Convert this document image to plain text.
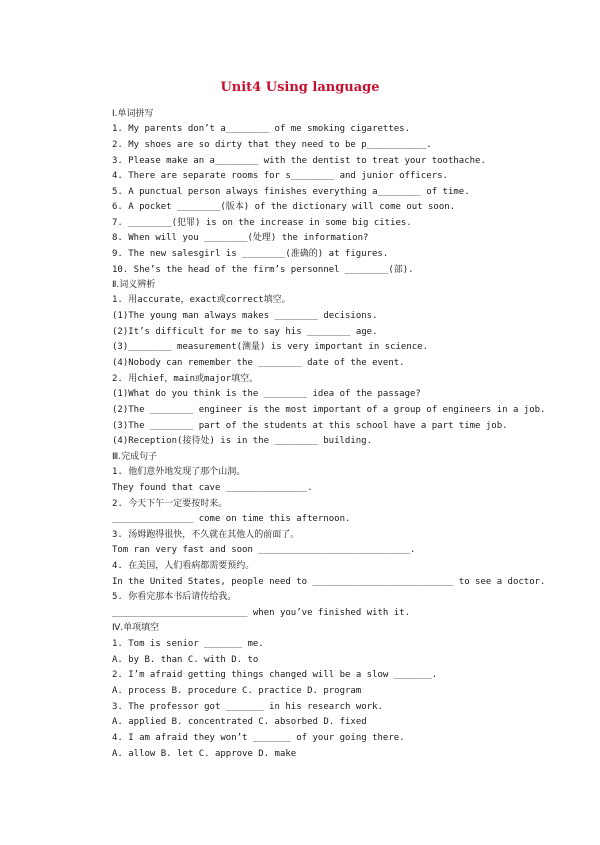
Unit4 Using language
Ⅰ.单词拼写
1. My parents don’t a________ of me smoking cigarettes.
2. My shoes are so dirty that they need to be p___________.
3. Please make an a________ with the dentist to treat your toothache.
4. There are separate rooms for s________ and junior officers.
5. A punctual person always finishes everything a________ of time.
6. A pocket ________(版本) of the dictionary will come out soon.
7. ________(犯罪) is on the increase in some big cities.
8. When will you ________(处理) the information?
9. The new salesgirl is ________(准确的) at figures.
10. She’s the head of the firm’s personnel ________(部).
Ⅱ.词义辨析
1. 用accurate，exact或correct填空。
(1)The young man always makes ________ decisions.
(2)It’s difficult for me to say his ________ age.
(3)________ measurement(测量) is very important in science.
(4)Nobody can remember the ________ date of the event.
2. 用chief，main或major填空。
(1)What do you think is the ________ idea of the passage?
(2)The ________ engineer is the most important of a group of engineers in a job.
(3)The ________ part of the students at this school have a part time job.
(4)Reception(接待处) is in the ________ building.
Ⅲ.完成句子
1. 他们意外地发现了那个山洞。
They found that cave _______________.
2. 今天下午一定要按时来。
_______________ come on time this afternoon.
3. 汤姆跑得很快，不久就在其他人的前面了。
Tom ran very fast and soon ____________________________.
4. 在美国，人们看病都需要预约。
In the United States, people need to __________________________ to see a doctor.
5. 你看完那本书后请传给我。
_________________________ when you’ve finished with it.
Ⅳ.单项填空
1. Tom is senior _______ me.
A. by B. than C. with D. to
2. I’m afraid getting things changed will be a slow _______.
A. process B. procedure C. practice D. program
3. The professor got _______ in his research work.
A. applied B. concentrated C. absorbed D. fixed
4. I am afraid they won’t _______ of your going there.
A. allow B. let C. approve D. make
